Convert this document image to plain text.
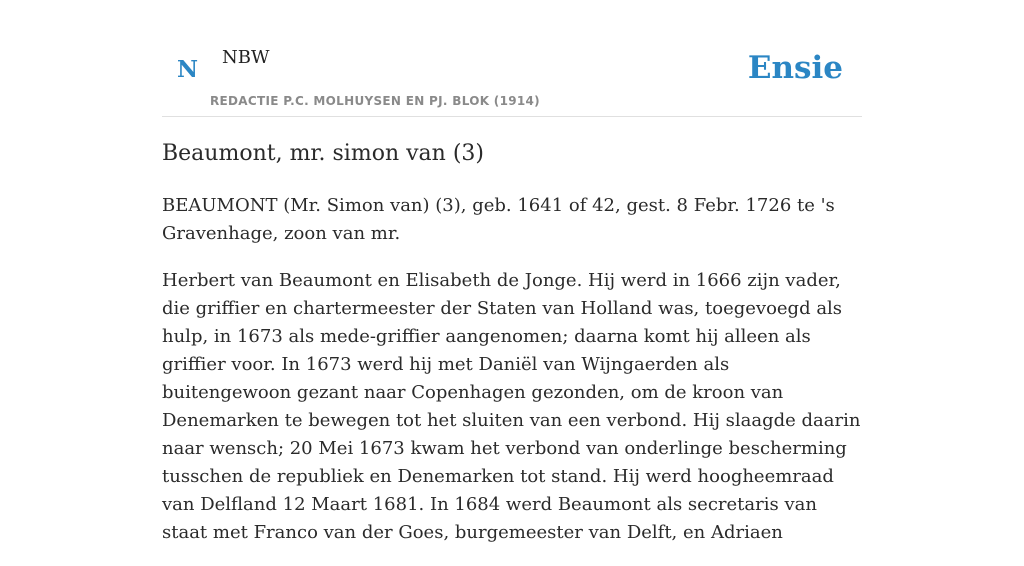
N NBW
REDACTIE P.C. MOLHUYSEN EN PJ. BLOK (1914)
Ensie
Beaumont, mr. simon van (3)

BEAUMONT (Mr. Simon van) (3), geb. 1641 of 42, gest. 8 Febr. 1726 te 's Gravenhage, zoon van mr.

Herbert van Beaumont en Elisabeth de Jonge. Hij werd in 1666 zijn vader, die griffier en chartermeester der Staten van Holland was, toegevoegd als hulp, in 1673 als mede-griffier aangenomen; daarna komt hij alleen als griffier voor. In 1673 werd hij met Daniël van Wijngaerden als buitengewoon gezant naar Copenhagen gezonden, om de kroon van Denemarken te bewegen tot het sluiten van een verbond. Hij slaagde daarin naar wensch; 20 Mei 1673 kwam het verbond van onderlinge bescherming tusschen de republiek en Denemarken tot stand. Hij werd hoogheemraad van Delfland 12 Maart 1681. In 1684 werd Beaumont als secretaris van staat met Franco van der Goes, burgemeester van Delft, en Adriaen
